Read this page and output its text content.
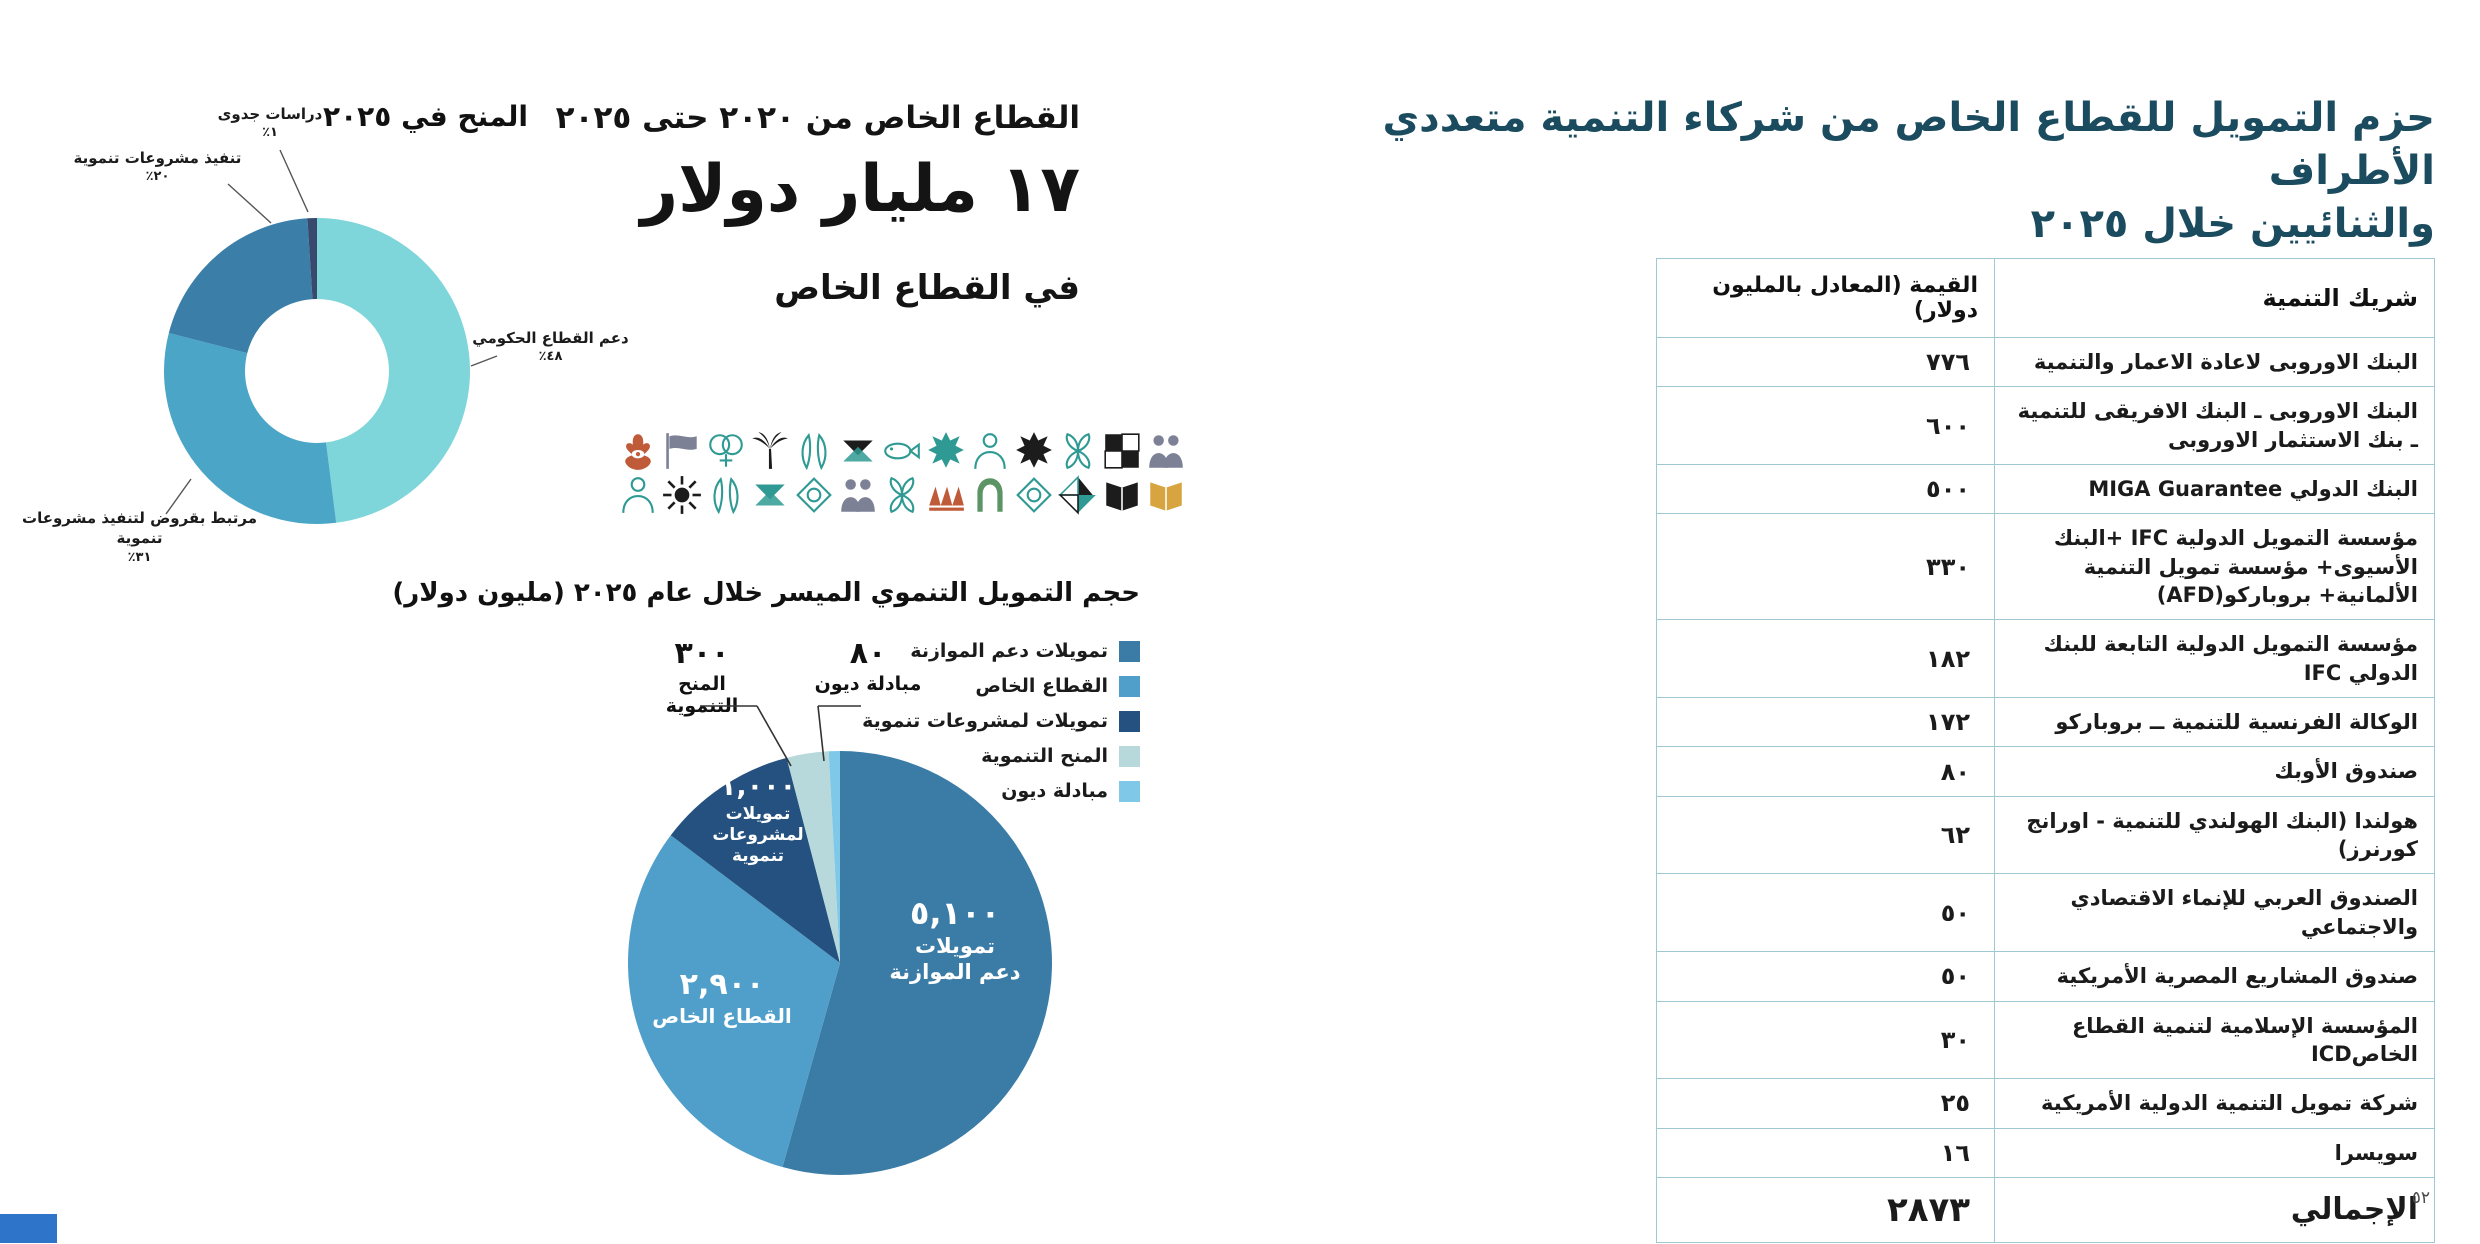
حزم التمويل للقطاع الخاص من شركاء التنمية متعددي الأطراف
والثنائيين خلال ٢٠٢٥
شريك التنمية	القيمة (المعادل بالمليون دولار)
البنك الاوروبى لاعادة الاعمار والتنمية	٧٧٦
البنك الاوروبى ـ البنك الافريقى للتنمية ـ بنك الاستثمار الاوروبى	٦٠٠
البنك الدولي MIGA Guarantee	٥٠٠
مؤسسة التمويل الدولية IFC +البنك الأسيوى+ مؤسسة تمويل التنمية الألمانية+ بروباركو(AFD)	٣٣٠
مؤسسة التمويل الدولية التابعة للبنك الدولي IFC	١٨٢
الوكالة الفرنسية للتنمية ــ بروباركو	١٧٢
صندوق الأوبك	٨٠
هولندا (البنك الهولندي للتنمية - اورانج كورنرز)	٦٢
الصندوق العربي للإنماء الاقتصادي والاجتماعي	٥٠
صندوق المشاريع المصرية الأمريكية	٥٠
المؤسسة الإسلامية لتنمية القطاع الخاصICD	٣٠
شركة تمويل التنمية الدولية الأمريكية	٢٥
سويسرا	١٦
الإجمالي	٢٨٧٣	٥٢
المنح في ٢٠٢٥
دراسات جدوى
١٪
تنفيذ مشروعات تنموية
٢٠٪
دعم القطاع الحكومي
٤٨٪
مرتبط بقروض لتنفيذ مشروعات تنموية
٣١٪
القطاع الخاص من ٢٠٢٠ حتى ٢٠٢٥
١٧ مليار دولار
في القطاع الخاص
حجم التمويل التنموي الميسر خلال عام ٢٠٢٥ (مليون دولار)
تمويلات دعم الموازنة
القطاع الخاص
تمويلات لمشروعات تنموية
المنح التنموية
مبادلة ديون
٣٠٠
المنح التنموية
٨٠
مبادلة ديون
٥,١٠٠
تمويلات
دعم الموازنة
٢,٩٠٠
القطاع الخاص
١,٠٠٠
تمويلات
لمشروعات
تنموية
